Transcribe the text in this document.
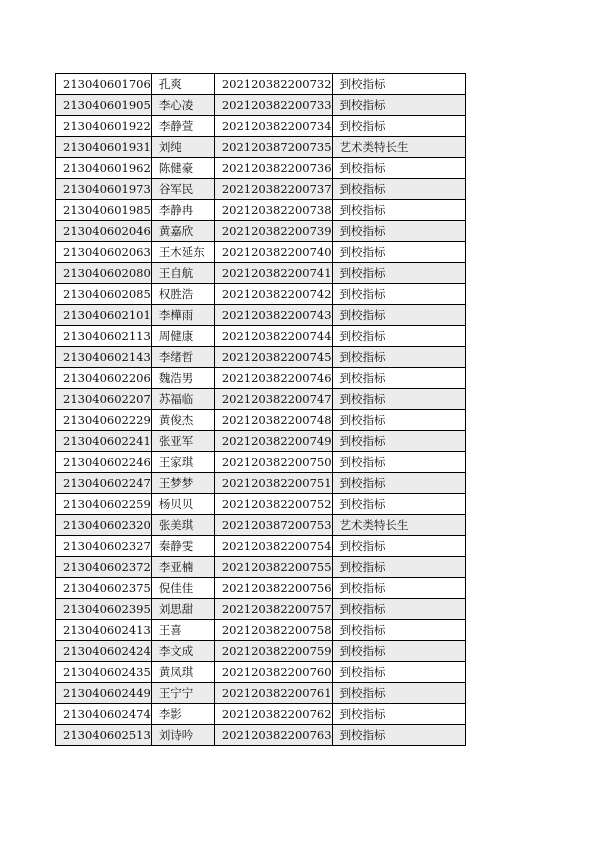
213040601706	孔爽	202120382200732	到校指标
213040601905	李心凌	202120382200733	到校指标
213040601922	李静萱	202120382200734	到校指标
213040601931	刘纯	202120387200735	艺术类特长生
213040601962	陈健豪	202120382200736	到校指标
213040601973	谷军民	202120382200737	到校指标
213040601985	李静冉	202120382200738	到校指标
213040602046	黄嘉欣	202120382200739	到校指标
213040602063	王木延东	202120382200740	到校指标
213040602080	王自航	202120382200741	到校指标
213040602085	权胜浩	202120382200742	到校指标
213040602101	李樺雨	202120382200743	到校指标
213040602113	周健康	202120382200744	到校指标
213040602143	李绪哲	202120382200745	到校指标
213040602206	魏浩男	202120382200746	到校指标
213040602207	苏福临	202120382200747	到校指标
213040602229	黄俊杰	202120382200748	到校指标
213040602241	张亚军	202120382200749	到校指标
213040602246	王家琪	202120382200750	到校指标
213040602247	王梦梦	202120382200751	到校指标
213040602259	杨贝贝	202120382200752	到校指标
213040602320	张美琪	202120387200753	艺术类特长生
213040602327	秦静雯	202120382200754	到校指标
213040602372	李亚楠	202120382200755	到校指标
213040602375	倪佳佳	202120382200756	到校指标
213040602395	刘思甜	202120382200757	到校指标
213040602413	王喜	202120382200758	到校指标
213040602424	李文成	202120382200759	到校指标
213040602435	黄凤琪	202120382200760	到校指标
213040602449	王宁宁	202120382200761	到校指标
213040602474	李影	202120382200762	到校指标
213040602513	刘诗吟	202120382200763	到校指标
